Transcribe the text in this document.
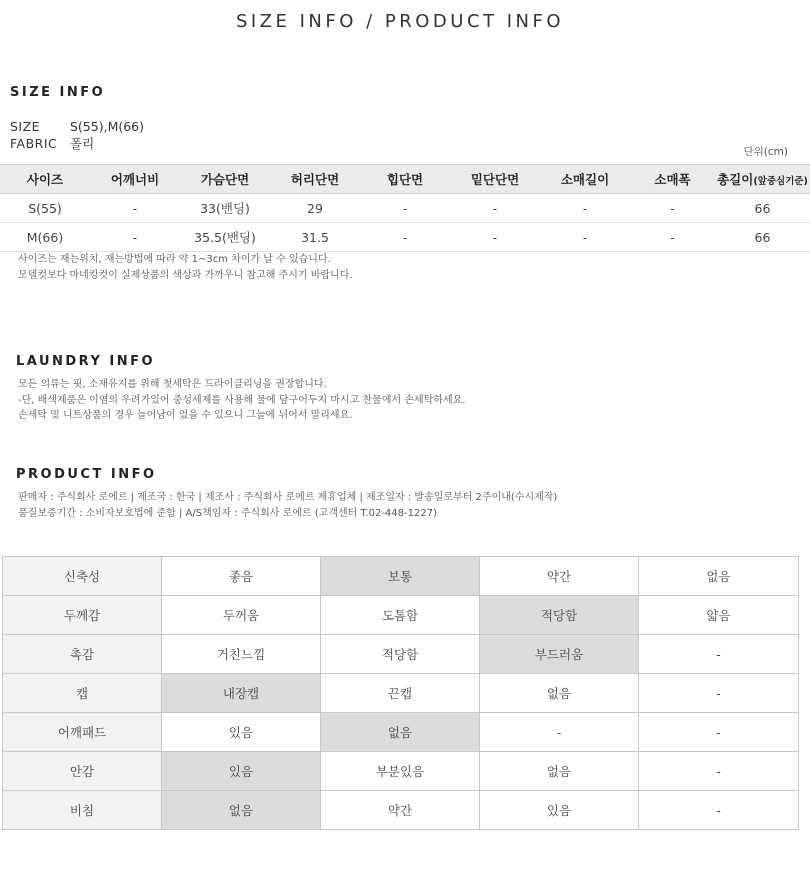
SIZE INFO / PRODUCT INFO
SIZE INFO
SIZE S(55),M(66)
FABRIC 폴리
단위(cm)
사이즈	어깨너비	가슴단면	허리단면	힙단면	밑단단면	소매길이	소매폭	총길이(앞중심기준)
S(55)	-	33(밴딩)	29	-	-	-	-	66
M(66)	-	35.5(밴딩)	31.5	-	-	-	-	66
사이즈는 재는위치, 재는방법에 따라 약 1~3cm 차이가 날 수 있습니다.
모델컷보다 마네킹컷이 실제상품의 색상과 가까우니 참고해 주시기 바랍니다.
LAUNDRY INFO
모든 의류는 핏, 소재유지를 위해 첫세탁은 드라이클리닝을 권장합니다.
-단, 배색제품은 이염의 우려가있어 중성세제를 사용해 물에 담구어두지 마시고 찬물에서 손세탁하세요.
손세탁 및 니트상품의 경우 늘어남이 었을 수 있으니 그늘에 뉘어서 말리세요.
PRODUCT INFO
판매자 : 주식회사 로에르 | 제조국 : 한국 | 제조사 : 주식회사 로에르 제휴업체 | 제조일자 : 발송일로부터 2주이내(수시제작)
품질보증기간 : 소비자보호법에 준함 | A/S책임자 : 주식회사 로에르 (고객센터 T.02-448-1227)
신축성	좋음	보통	약간	없음
두께감	두꺼움	도톰함	적당함	얇음
촉감	거친느낌	적당함	부드러움	-
캡	내장캡	끈캡	없음	-
어깨패드	있음	없음	-	-
안감	있음	부분있음	없음	-
비침	없음	약간	있음	-
